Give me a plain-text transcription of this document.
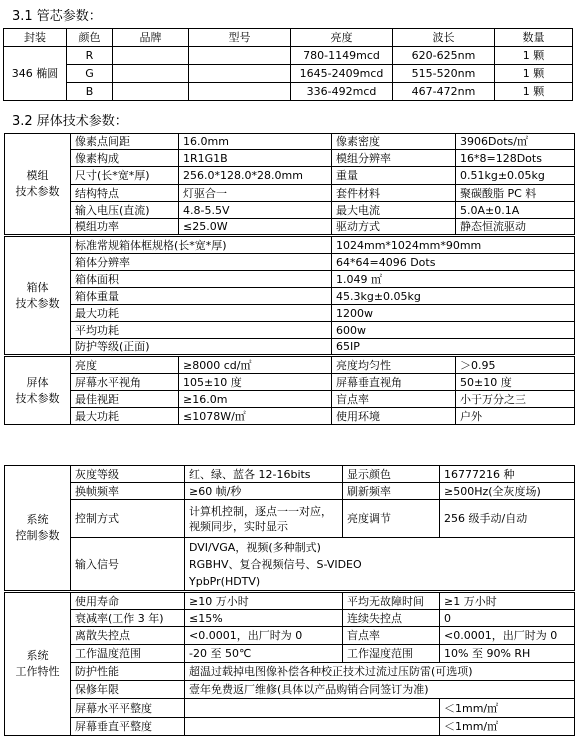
3.1 管芯参数：
封装	颜色	品牌	型号	亮度	波长	数量
346 椭圆	R			780-1149mcd	620-625nm	1 颗
	G			1645-2409mcd	515-520nm	1 颗
	B			336-492mcd	467-472nm	1 颗
3.2 屏体技术参数：
模组
技术参数	像素点间距	16.0mm	像素密度	3906Dots/㎡
	像素构成	1R1G1B	模组分辨率	16*8=128Dots
	尺寸(长*宽*厚)	256.0*128.0*28.0mm	重量	0.51kg±0.05kg
	结构特点	灯驱合一	套件材料	聚碳酸脂 PC 料
	输入电压(直流)	4.8-5.5V	最大电流	5.0A±0.1A
	模组功率	≤25.0W	驱动方式	静态恒流驱动
箱体
技术参数	标准常规箱体框规格(长*宽*厚)		1024mm*1024mm*90mm	
	箱体分辨率		64*64=4096 Dots	
	箱体面积		1.049 ㎡	
	箱体重量		45.3kg±0.05kg	
	最大功耗		1200w	
	平均功耗		600w	
	防护等级(正面)		65IP	
屏体
技术参数	亮度	≥8000 cd/㎡	亮度均匀性	＞0.95
	屏幕水平视角	105±10 度	屏幕垂直视角	50±10 度
	最佳视距	≥16.0m	盲点率	小于万分之三
	最大功耗	≤1078W/㎡	使用环境	户外
系统
控制参数	灰度等级	红、绿、蓝各 12-16bits	显示颜色	16777216 种
	换帧频率	≥60 帧/秒	刷新频率	≥500Hz(全灰度场)
	控制方式	计算机控制，逐点一一对应，视频同步，实时显示	亮度调节	256 级手动/自动
	输入信号	DVI/VGA，视频(多种制式)
RGBHV、复合视频信号、S-VIDEO
YpbPr(HDTV)		

系统
工作特性	使用寿命	≥10 万小时	平均无故障时间	≥1 万小时
	衰减率(工作 3 年)	≤15%	连续失控点	0
	离散失控点	<0.0001，出厂时为 0	盲点率	<0.0001，出厂时为 0
	工作温度范围	-20 至 50℃	工作湿度范围	10% 至 90% RH
	防护性能	超温过载掉电图像补偿各种校正技术过流过压防雷(可选项)		
	保修年限	壹年免费返厂维修(具体以产品购销合同签订为准)		
	屏幕水平平整度			＜1mm/㎡
	屏幕垂直平整度			＜1mm/㎡
